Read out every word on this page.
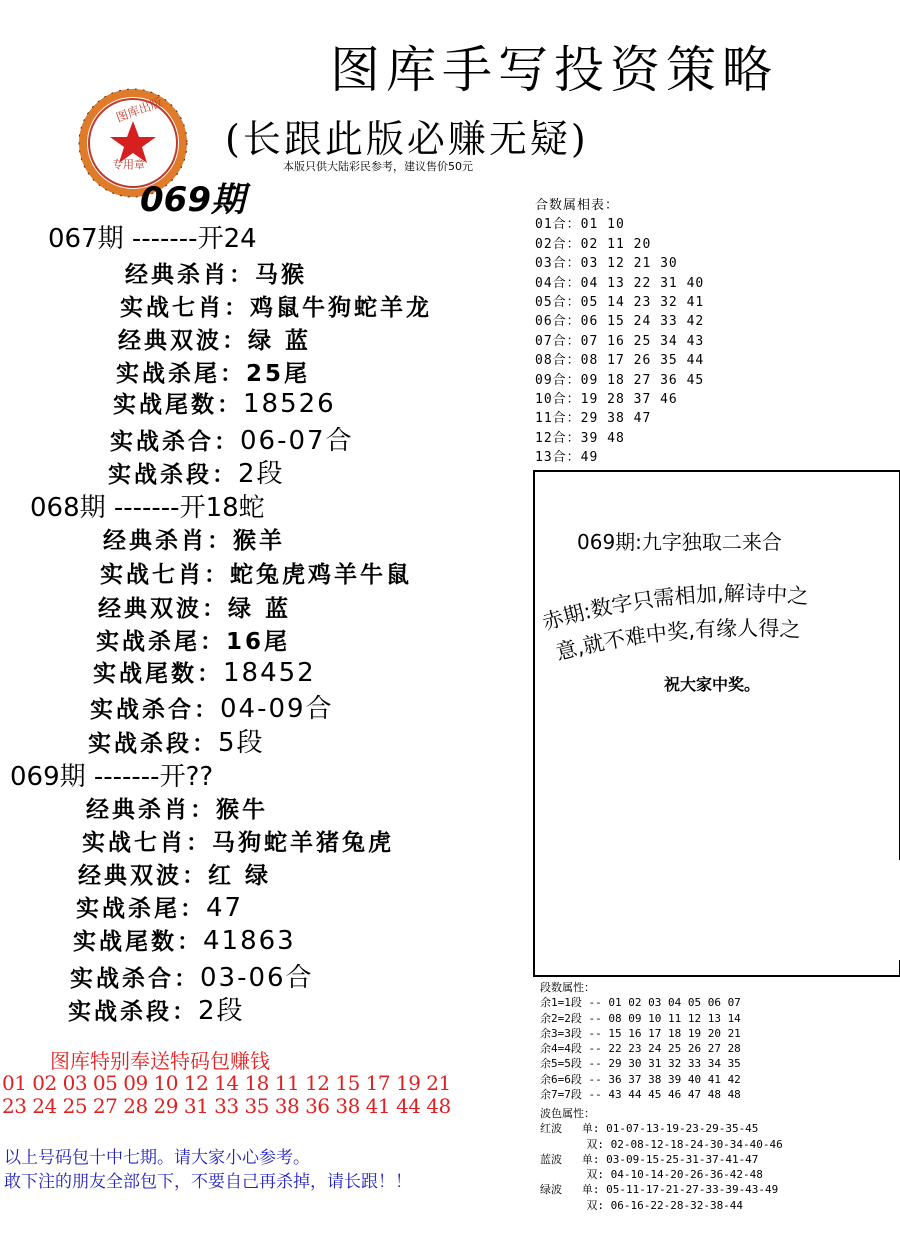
图库手写投资策略
(长跟此版必赚无疑)
本版只供大陆彩民参考，建议售价50元
图库出版
专用章
069期
067期 -------开24
经典杀肖：马猴
实战七肖：鸡鼠牛狗蛇羊龙
经典双波：绿 蓝
实战杀尾：25尾
实战尾数：18526
实战杀合：06-07合
实战杀段：2段
068期 -------开18蛇
经典杀肖：猴羊
实战七肖：蛇兔虎鸡羊牛鼠
经典双波：绿 蓝
实战杀尾：16尾
实战尾数：18452
实战杀合：04-09合
实战杀段：5段
069期 -------开??
经典杀肖：猴牛
实战七肖：马狗蛇羊猪兔虎
经典双波：红 绿
实战杀尾：47
实战尾数：41863
实战杀合：03-06合
实战杀段：2段
合数属相表：
01合：01 10
02合：02 11 20
03合：03 12 21 30
04合：04 13 22 31 40
05合：05 14 23 32 41
06合：06 15 24 33 42
07合：07 16 25 34 43
08合：08 17 26 35 44
09合：09 18 27 36 45
10合：19 28 37 46
11合：29 38 47
12合：39 48
13合：49
069期:九字独取二来合
赤期:数字只需相加,解诗中之
意,就不难中奖,有缘人得之
祝大家中奖。
段数属性：
余1=1段 -- 01 02 03 04 05 06 07
余2=2段 -- 08 09 10 11 12 13 14
余3=3段 -- 15 16 17 18 19 20 21
余4=4段 -- 22 23 24 25 26 27 28
余5=5段 -- 29 30 31 32 33 34 35
余6=6段 -- 36 37 38 39 40 41 42
余7=7段 -- 43 44 45 46 47 48 48
波色属性：
红波   单: 01-07-13-19-23-29-35-45
双: 02-08-12-18-24-30-34-40-46
蓝波   单: 03-09-15-25-31-37-41-47
双: 04-10-14-20-26-36-42-48
绿波   单: 05-11-17-21-27-33-39-43-49
双: 06-16-22-28-32-38-44
图库特别奉送特码包赚钱
01 02 03 05 09 10 12 14 18 11 12 15 17 19 21
23 24 25 27 28 29 31 33 35 38 36 38 41 44 48
以上号码包十中七期。请大家小心参考。
敢下注的朋友全部包下，不要自己再杀掉，请长跟！！
